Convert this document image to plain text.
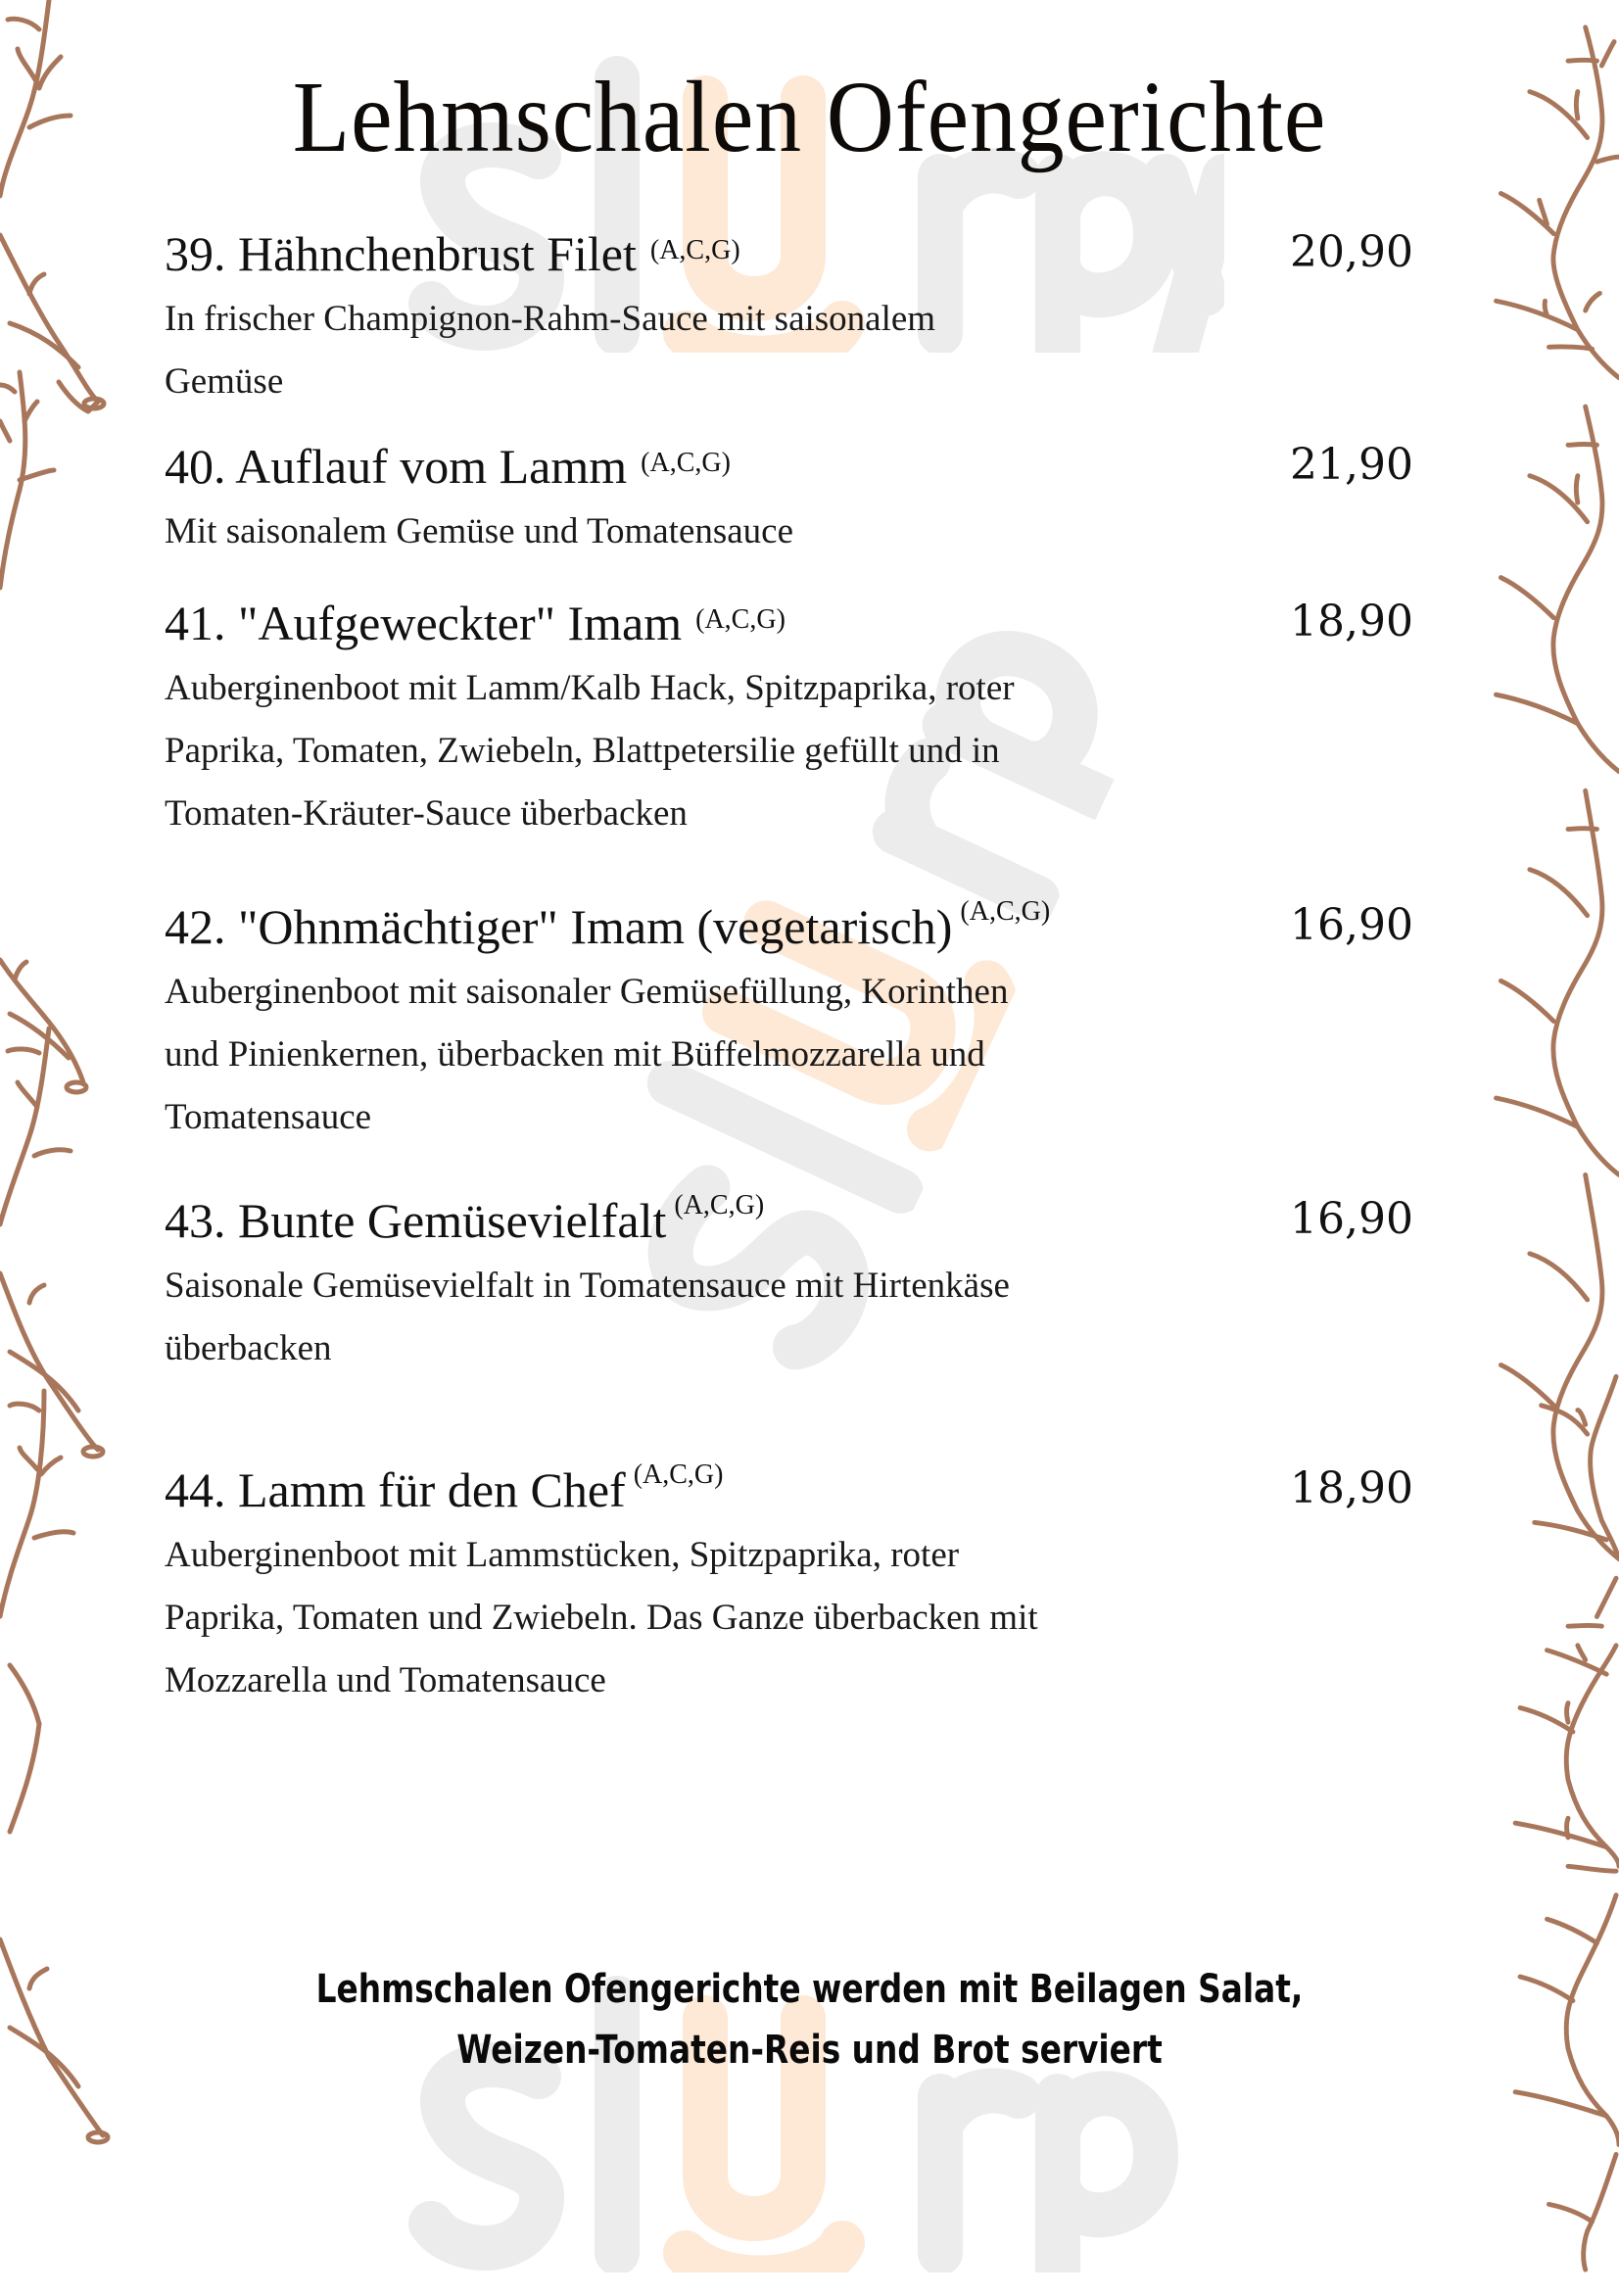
Lehmschalen Ofengerichte
39. Hähnchenbrust Filet $^{(A,C,G)}$	20,90
In frischer Champignon-Rahm-Sauce mit saisonalem
Gemüse
40. Auflauf vom Lamm $^{(A,C,G)}$	21,90
Mit saisonalem Gemüse und Tomatensauce
41. "Aufgeweckter" Imam $^{(A,C,G)}$	18,90
Auberginenboot mit Lamm/Kalb Hack, Spitzpaprika, roter
Paprika, Tomaten, Zwiebeln, Blattpetersilie gefüllt und in
Tomaten-Kräuter-Sauce überbacken
42. "Ohnmächtiger" Imam (vegetarisch) $^{(A,C,G)}$	16,90
Auberginenboot mit saisonaler Gemüsefüllung, Korinthen
und Pinienkernen, überbacken mit Büffelmozzarella und
Tomatensauce
43. Bunte Gemüsevielfalt $^{(A,C,G)}$	16,90
Saisonale Gemüsevielfalt in Tomatensauce mit Hirtenkäse
überbacken
44. Lamm für den Chef $^{(A,C,G)}$	18,90
Auberginenboot mit Lammstücken, Spitzpaprika, roter
Paprika, Tomaten und Zwiebeln. Das Ganze überbacken mit
Mozzarella und Tomatensauce
Lehmschalen Ofengerichte werden mit Beilagen Salat,
Weizen-Tomaten-Reis und Brot serviert
